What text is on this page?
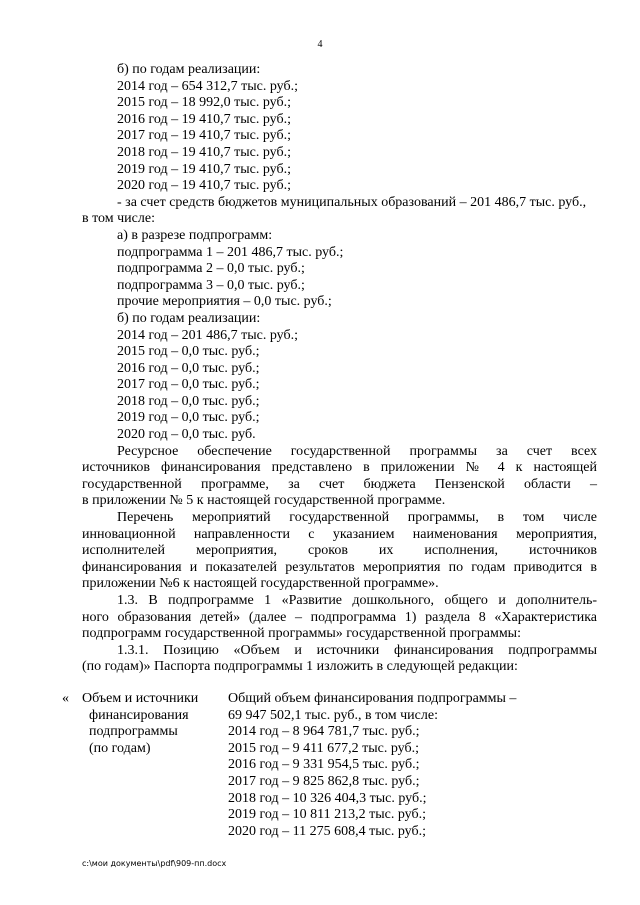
4
б) по годам реализации:
2014 год – 654 312,7 тыс. руб.;
2015 год – 18 992,0 тыс. руб.;
2016 год – 19 410,7 тыс. руб.;
2017 год – 19 410,7 тыс. руб.;
2018 год – 19 410,7 тыс. руб.;
2019 год – 19 410,7 тыс. руб.;
2020 год – 19 410,7 тыс. руб.;
- за счет средств бюджетов муниципальных образований – 201 486,7 тыс. руб.,
в том числе:
а) в разрезе подпрограмм:
подпрограмма 1 – 201 486,7 тыс. руб.;
подпрограмма 2 – 0,0 тыс. руб.;
подпрограмма 3 – 0,0 тыс. руб.;
прочие мероприятия – 0,0 тыс. руб.;
б) по годам реализации:
2014 год – 201 486,7 тыс. руб.;
2015 год – 0,0 тыс. руб.;
2016 год – 0,0 тыс. руб.;
2017 год – 0,0 тыс. руб.;
2018 год – 0,0 тыс. руб.;
2019 год – 0,0 тыс. руб.;
2020 год – 0,0 тыс. руб.
Ресурсное обеспечение государственной программы за счет всех
источников финансирования представлено в приложении № 4 к настоящей
государственной программе, за счет бюджета Пензенской области –
в приложении № 5 к настоящей государственной программе.
Перечень мероприятий государственной программы, в том числе
инновационной направленности с указанием наименования мероприятия,
исполнителей мероприятия, сроков их исполнения, источников
финансирования и показателей результатов мероприятия по годам приводится в
приложении №6 к настоящей государственной программе».
1.3. В подпрограмме 1 «Развитие дошкольного, общего и дополнитель-
ного образования детей» (далее – подпрограмма 1) раздела 8 «Характеристика
подпрограмм государственной программы» государственной программы:
1.3.1. Позицию «Объем и источники финансирования подпрограммы
(по годам)» Паспорта подпрограммы 1 изложить в следующей редакции:
« Объем и источники
финансирования
подпрограммы
(по годам)
Общий объем финансирования подпрограммы –
69 947 502,1 тыс. руб., в том числе:
2014 год – 8 964 781,7 тыс. руб.;
2015 год – 9 411 677,2 тыс. руб.;
2016 год – 9 331 954,5 тыс. руб.;
2017 год – 9 825 862,8 тыс. руб.;
2018 год – 10 326 404,3 тыс. руб.;
2019 год – 10 811 213,2 тыс. руб.;
2020 год – 11 275 608,4 тыс. руб.;
c:\мои документы\pdf\909-пп.docx
